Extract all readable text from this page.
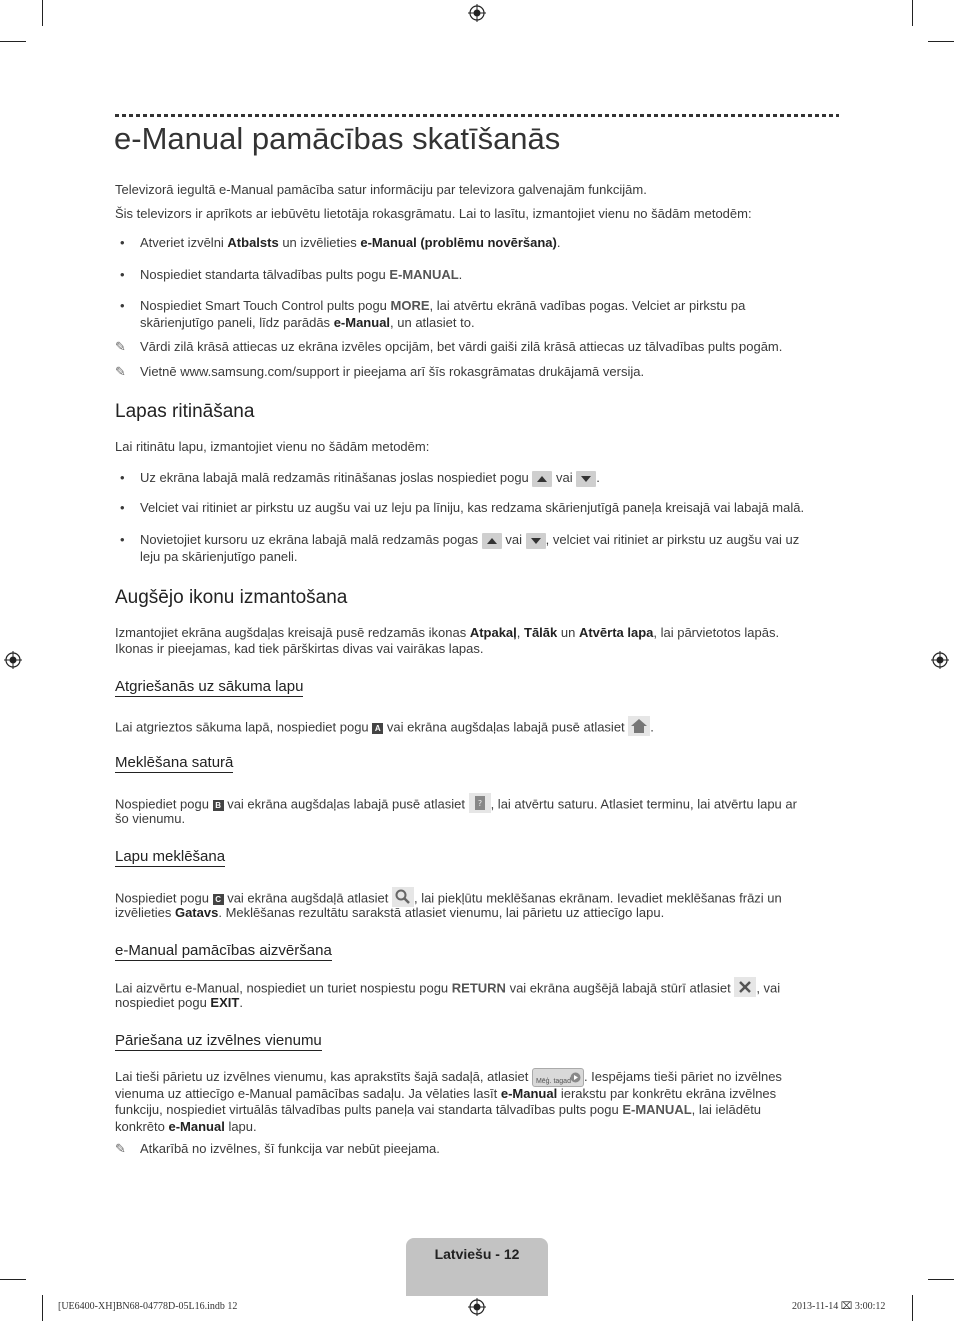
e-Manual pamācības skatīšanās
Televizorā iegultā e-Manual pamācība satur informāciju par televizora galvenajām funkcijām.
Šis televizors ir aprīkots ar iebūvētu lietotāja rokasgrāmatu. Lai to lasītu, izmantojiet vienu no šādām metodēm:
• Atveriet izvēlni Atbalsts un izvēlieties e-Manual (problēmu novēršana).
• Nospiediet standarta tālvadības pults pogu E-MANUAL.
• Nospiediet Smart Touch Control pults pogu MORE, lai atvērtu ekrānā vadības pogas. Velciet ar pirkstu pa
skārienjutīgo paneli, līdz parādās e-Manual, un atlasiet to.
✎ Vārdi zilā krāsā attiecas uz ekrāna izvēles opcijām, bet vārdi gaiši zilā krāsā attiecas uz tālvadības pults pogām.
✎ Vietnē www.samsung.com/support ir pieejama arī šīs rokasgrāmatas drukājamā versija.
Lapas ritināšana
Lai ritinātu lapu, izmantojiet vienu no šādām metodēm:
• Uz ekrāna labajā malā redzamās ritināšanas joslas nospiediet pogu  vai .
• Velciet vai ritiniet ar pirkstu uz augšu vai uz leju pa līniju, kas redzama skārienjutīgā paneļa kreisajā vai labajā malā.
• Novietojiet kursoru uz ekrāna labajā malā redzamās pogas  vai , velciet vai ritiniet ar pirkstu uz augšu vai uz
leju pa skārienjutīgo paneli.
Augšējo ikonu izmantošana
Izmantojiet ekrāna augšdaļas kreisajā pusē redzamās ikonas Atpakaļ, Tālāk un Atvērta lapa, lai pārvietotos lapās.
Ikonas ir pieejamas, kad tiek pārškirtas divas vai vairākas lapas.
Atgriešanās uz sākuma lapu
Lai atgrieztos sākuma lapā, nospiediet pogu A vai ekrāna augšdaļas labajā pusē atlasiet .
Meklēšana saturā
Nospiediet pogu B vai ekrāna augšdaļas labajā pusē atlasiet ? , lai atvērtu saturu. Atlasiet terminu, lai atvērtu lapu ar
šo vienumu.
Lapu meklēšana
Nospiediet pogu C vai ekrāna augšdaļā atlasiet , lai piekļūtu meklēšanas ekrānam. Ievadiet meklēšanas frāzi un
izvēlieties Gatavs. Meklēšanas rezultātu sarakstā atlasiet vienumu, lai pārietu uz attiecīgo lapu.
e-Manual pamācības aizvēršana
Lai aizvērtu e-Manual, nospiediet un turiet nospiestu pogu RETURN vai ekrāna augšējā labajā stūrī atlasiet , vai
nospiediet pogu EXIT.
Pāriešana uz izvēlnes vienumu
Lai tieši pārietu uz izvēlnes vienumu, kas aprakstīts šajā sadaļā, atlasiet Mēģ. tagad . Iespējams tieši pāriet no izvēlnes
vienuma uz attiecīgo e-Manual pamācības sadaļu. Ja vēlaties lasīt e-Manual ierakstu par konkrētu ekrāna izvēlnes
funkciju, nospiediet virtuālās tālvadības pults paneļa vai standarta tālvadības pults pogu E-MANUAL, lai ielādētu
konkrēto e-Manual lapu.
✎ Atkarībā no izvēlnes, šī funkcija var nebūt pieejama.
Latviešu - 12
[UE6400-XH]BN68-04778D-05L16.indb 12	2013-11-14 ⌧ 3:00:12
